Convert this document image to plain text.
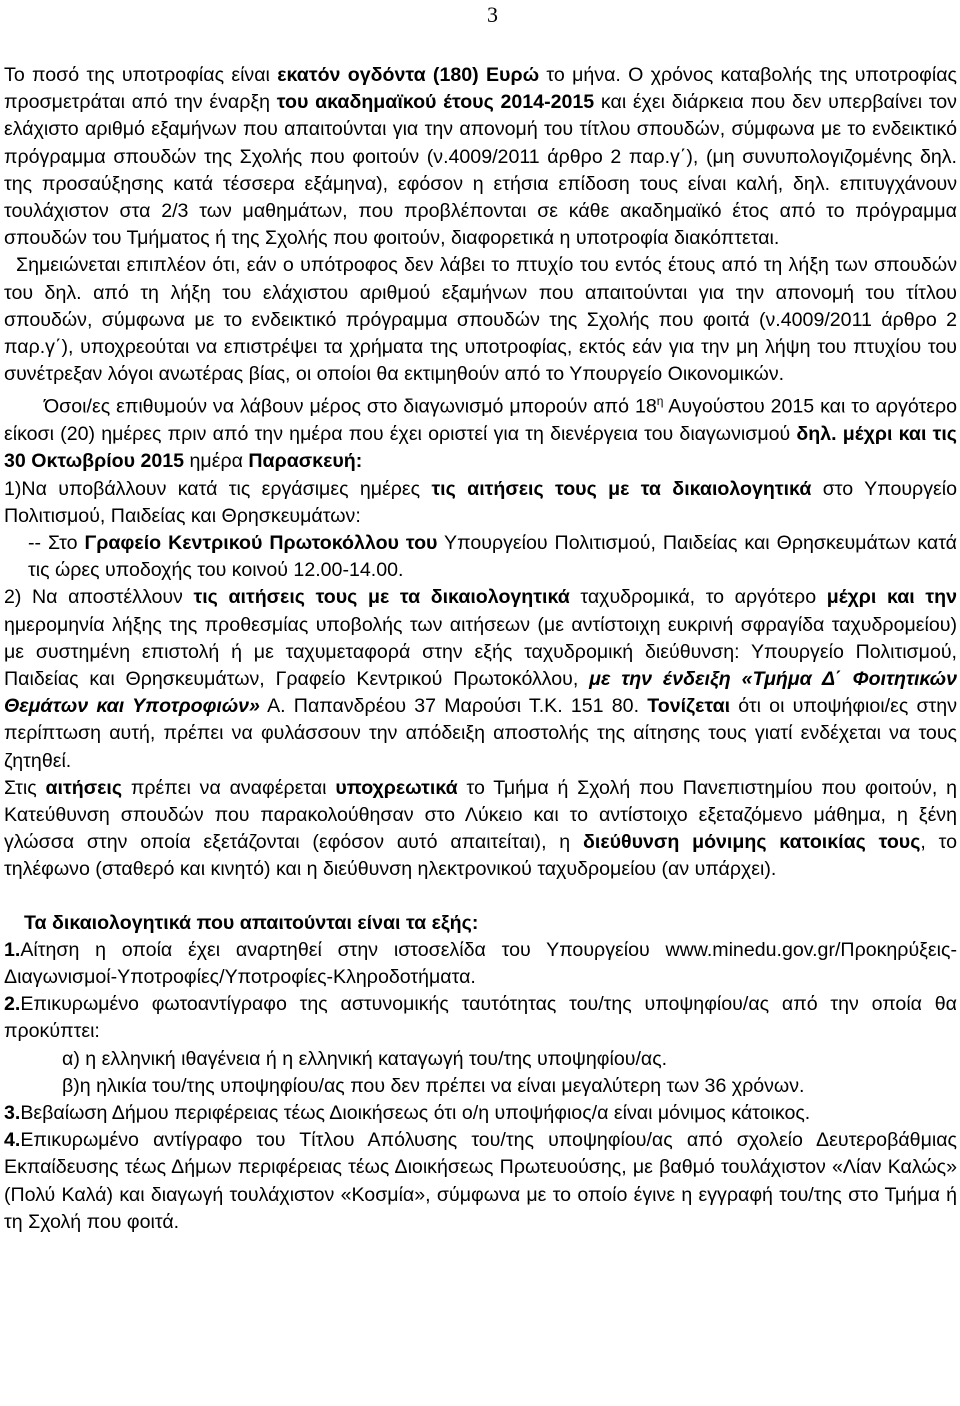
3

Το ποσό της υποτροφίας είναι εκατόν ογδόντα (180) Ευρώ το μήνα. Ο χρόνος καταβολής της υποτροφίας προσμετράται από την έναρξη του ακαδημαϊκού έτους 2014-2015 και έχει διάρκεια που δεν υπερβαίνει τον ελάχιστο αριθμό εξαμήνων που απαιτούνται για την απονομή του τίτλου σπουδών, σύμφωνα με το ενδεικτικό πρόγραμμα σπουδών της Σχολής που φοιτούν (ν.4009/2011 άρθρο 2 παρ.γ΄), (μη συνυπολογιζομένης δηλ. της προσαύξησης κατά τέσσερα εξάμηνα), εφόσον η ετήσια επίδοση τους είναι καλή, δηλ. επιτυγχάνουν τουλάχιστον στα 2/3 των μαθημάτων, που προβλέπονται σε κάθε ακαδημαϊκό έτος από το πρόγραμμα σπουδών του Τμήματος ή της Σχολής που φοιτούν, διαφορετικά η υποτροφία διακόπτεται.

Σημειώνεται επιπλέον ότι, εάν ο υπότροφος δεν λάβει το πτυχίο του εντός έτους από τη λήξη των σπουδών του δηλ. από τη λήξη του ελάχιστου αριθμού εξαμήνων που απαιτούνται για την απονομή του τίτλου σπουδών, σύμφωνα με το ενδεικτικό πρόγραμμα σπουδών της Σχολής που φοιτά (ν.4009/2011 άρθρο 2 παρ.γ΄), υποχρεούται να επιστρέψει τα χρήματα της υποτροφίας, εκτός εάν για την μη λήψη του πτυχίου του συνέτρεξαν λόγοι ανωτέρας βίας, οι οποίοι θα εκτιμηθούν από το Υπουργείο Οικονομικών.

Όσοι/ες επιθυμούν να λάβουν μέρος στο διαγωνισμό μπορούν από $18^\eta$ Αυγούστου 2015 και το αργότερο είκοσι (20) ημέρες πριν από την ημέρα που έχει οριστεί για τη διενέργεια του διαγωνισμού δηλ. μέχρι και τις 30 Οκτωβρίου 2015 ημέρα Παρασκευή:

1)Να υποβάλλουν κατά τις εργάσιμες ημέρες τις αιτήσεις τους με τα δικαιολογητικά στο Υπουργείο Πολιτισμού, Παιδείας και Θρησκευμάτων:

-- Στο Γραφείο Κεντρικού Πρωτοκόλλου του Υπουργείου Πολιτισμού, Παιδείας και Θρησκευμάτων κατά τις ώρες υποδοχής του κοινού 12.00-14.00.

2) Να αποστέλλουν τις αιτήσεις τους με τα δικαιολογητικά ταχυδρομικά, το αργότερο μέχρι και την ημερομηνία λήξης της προθεσμίας υποβολής των αιτήσεων (με αντίστοιχη ευκρινή σφραγίδα ταχυδρομείου) με συστημένη επιστολή ή με ταχυμεταφορά στην εξής ταχυδρομική διεύθυνση: Υπουργείο Πολιτισμού, Παιδείας και Θρησκευμάτων, Γραφείο Κεντρικού Πρωτοκόλλου, με την ένδειξη «Τμήμα Δ΄ Φοιτητικών Θεμάτων και Υποτροφιών» Α. Παπανδρέου 37 Μαρούσι Τ.Κ. 151 80. Τονίζεται ότι οι υποψήφιοι/ες στην περίπτωση αυτή, πρέπει να φυλάσσουν την απόδειξη αποστολής της αίτησης τους γιατί ενδέχεται να τους ζητηθεί.

Στις αιτήσεις πρέπει να αναφέρεται υποχρεωτικά το Τμήμα ή Σχολή που Πανεπιστημίου που φοιτούν, η Κατεύθυνση σπουδών που παρακολούθησαν στο Λύκειο και το αντίστοιχο εξεταζόμενο μάθημα, η ξένη γλώσσα στην οποία εξετάζονται (εφόσον αυτό απαιτείται), η διεύθυνση μόνιμης κατοικίας τους, το τηλέφωνο (σταθερό και κινητό) και η διεύθυνση ηλεκτρονικού ταχυδρομείου (αν υπάρχει).

Τα δικαιολογητικά που απαιτούνται είναι τα εξής:

1.Αίτηση η οποία έχει αναρτηθεί στην ιστοσελίδα του Υπουργείου www.minedu.gov.gr/Προκηρύξεις-Διαγωνισμοί-Υποτροφίες/Υποτροφίες-Κληροδοτήματα.

2.Επικυρωμένο φωτοαντίγραφο της αστυνομικής ταυτότητας του/της υποψηφίου/ας από την οποία θα προκύπτει:

α) η ελληνική ιθαγένεια ή η ελληνική καταγωγή του/της υποψηφίου/ας.

β)η ηλικία του/της υποψηφίου/ας που δεν πρέπει να είναι μεγαλύτερη των 36 χρόνων.

3.Βεβαίωση Δήμου περιφέρειας τέως Διοικήσεως ότι ο/η υποψήφιος/α είναι μόνιμος κάτοικος.

4.Επικυρωμένο αντίγραφο του Τίτλου Απόλυσης του/της υποψηφίου/ας από σχολείο Δευτεροβάθμιας Εκπαίδευσης τέως Δήμων περιφέρειας τέως Διοικήσεως Πρωτευούσης, με βαθμό τουλάχιστον «Λίαν Καλώς» (Πολύ Καλά) και διαγωγή τουλάχιστον «Κοσμία», σύμφωνα με το οποίο έγινε η εγγραφή του/της στο Τμήμα ή τη Σχολή που φοιτά.
